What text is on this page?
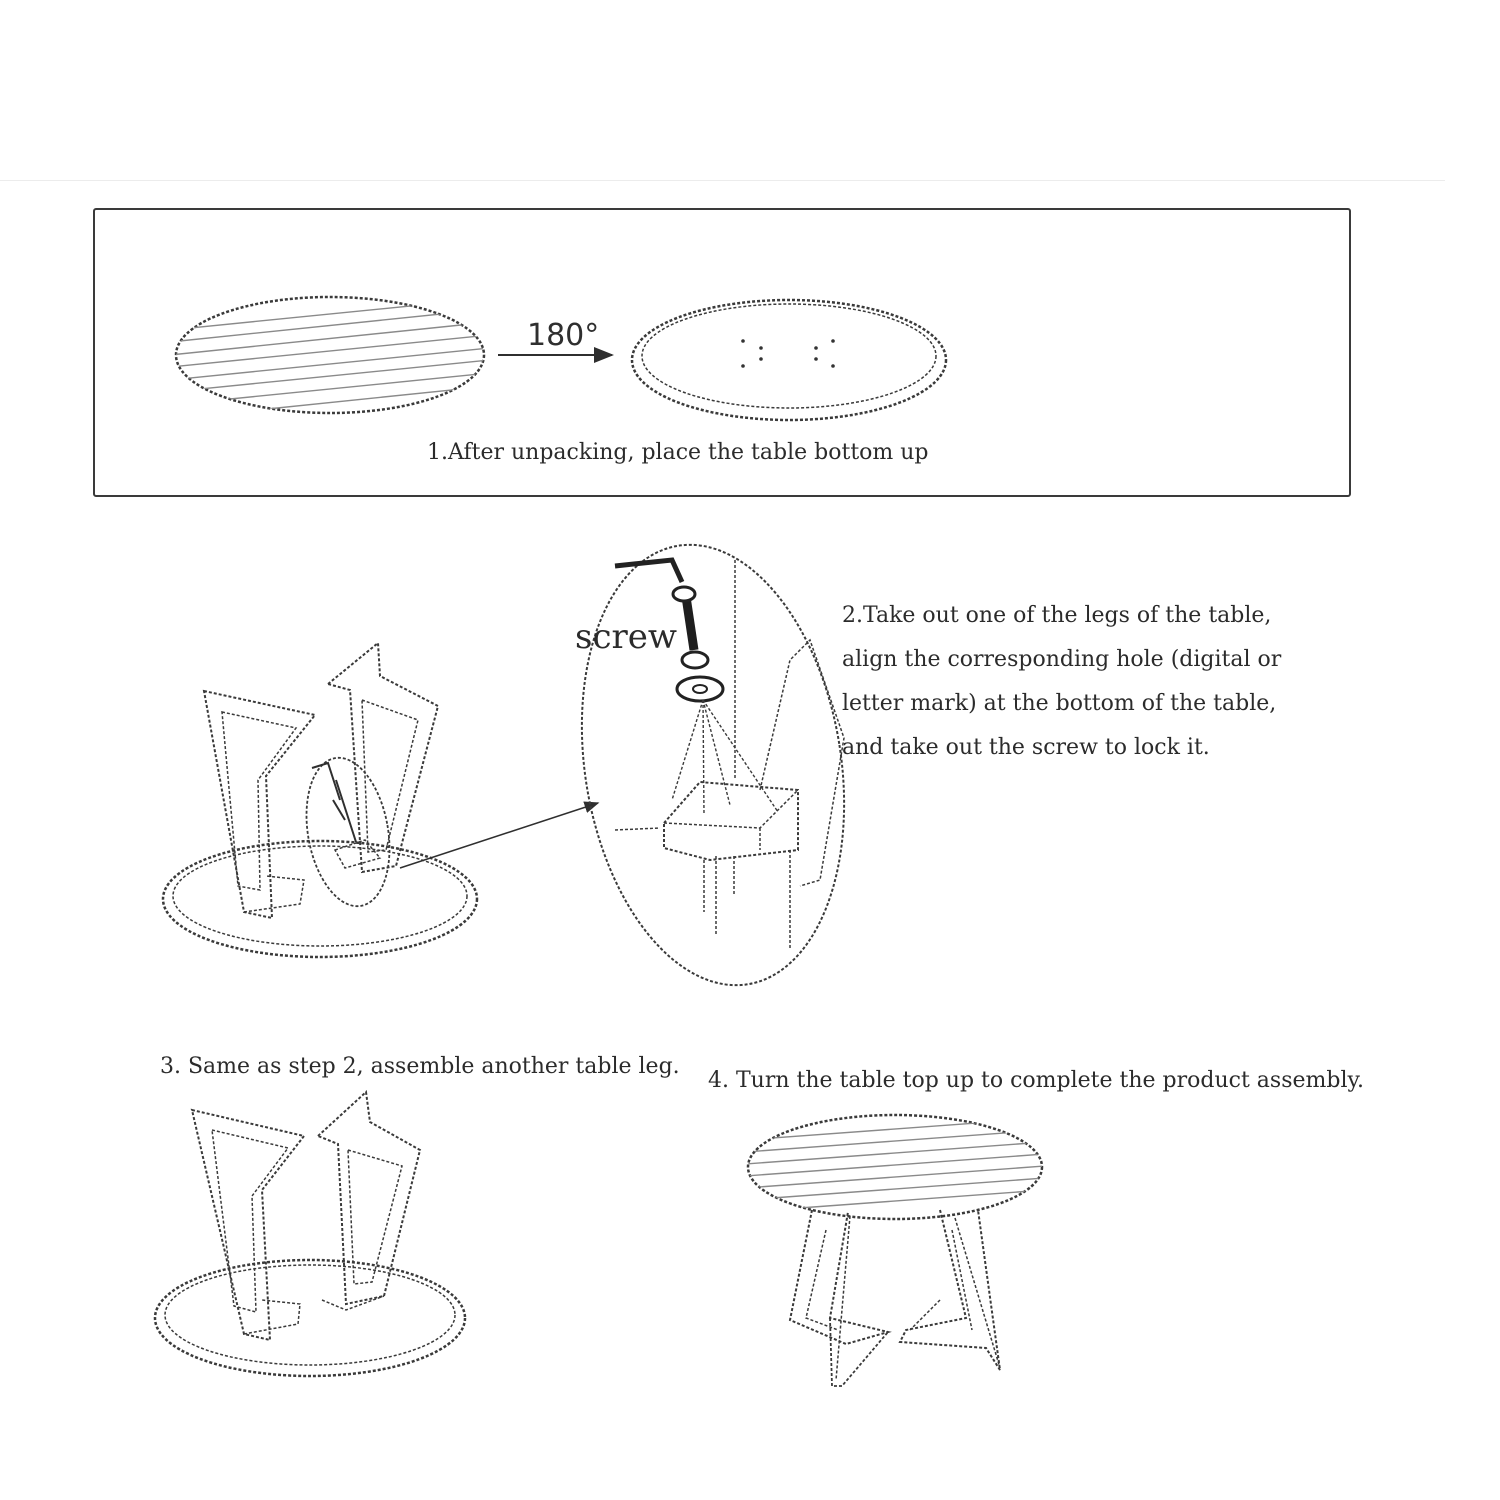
180°
screw
1.After unpacking, place the table bottom up
2.Take out one of the legs of the table,
align the corresponding hole (digital or
letter mark) at the bottom of the table,
and take out the screw to lock it.
3. Same as step 2, assemble another table leg.
4. Turn the table top up to complete the product assembly.
